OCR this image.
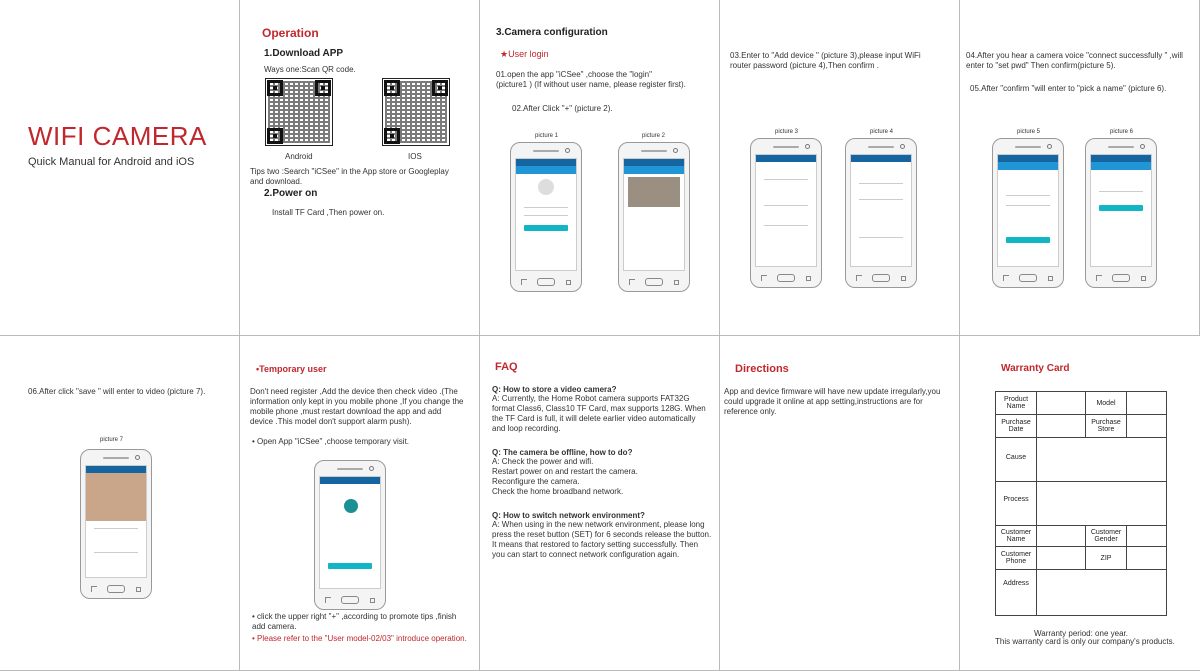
WIFI CAMERA
Quick Manual for Android and iOS
Operation
1.Download APP
Ways one:Scan QR code.
Android	IOS
Tips two :Search "iCSee" in the App store or Googleplay
and download.
2.Power on
Install TF Card ,Then power on.
3.Camera configuration
★User login
01.open the app "iCSee" ,choose the "login"
(picture1 ) (If without user name, please register first).
02.After Click "+" (picture 2).
picture 1	picture 2
03.Enter to "Add device " (picture 3),please input WiFi
router password (picture 4),Then confirm .
picture 3	picture 4
04.After you hear a camera voice "connect successfully " ,will
enter to "set pwd" Then confirm(picture 5).
05.After "confirm "will enter to "pick a name" (picture 6).
picture 5	picture 6
06.After click "save " will enter to video (picture 7).
picture 7
•Temporary user
Don't need register ,Add the device then check video .(The
information only kept in you mobile phone ,If you change the
mobile phone ,must restart download the app and add
device .This model don't support alarm push).
• Open App "iCSee" ,choose temporary visit.
• click the upper right "+" ,according to promote tips ,finish
add camera.
• Please refer to the "User model-02/03" introduce operation.
FAQ
Q: How to store a video camera?
A: Currently, the Home Robot camera supports FAT32G
format Class6, Class10 TF Card, max supports 128G. When
the TF Card is full, it will delete earlier video automatically
and loop recording.
Q: The camera be offline, how to do?
A: Check the power and wifi.
Restart power on and restart the camera.
Reconfigure the camera.
Check the home broadband network.
Q: How to switch network environment?
A: When using in the new network environment, please long
press the reset button (SET) for 6 seconds release the button.
It means that restored to factory setting successfully. Then
you can start to connect network configuration again.
Directions
App and device firmware will have new update irregularly,you
could upgrade it online at app setting,instructions are for
reference only.
Warranty Card
Product
Name		Model	
Purchase
Date		Purchase
Store	
Cause			
Process			
Customer
Name		Customer
Gender	
Customer
Phone		ZIP	
Address			
Warranty period: one year.
This warranty card is only our company's products.
